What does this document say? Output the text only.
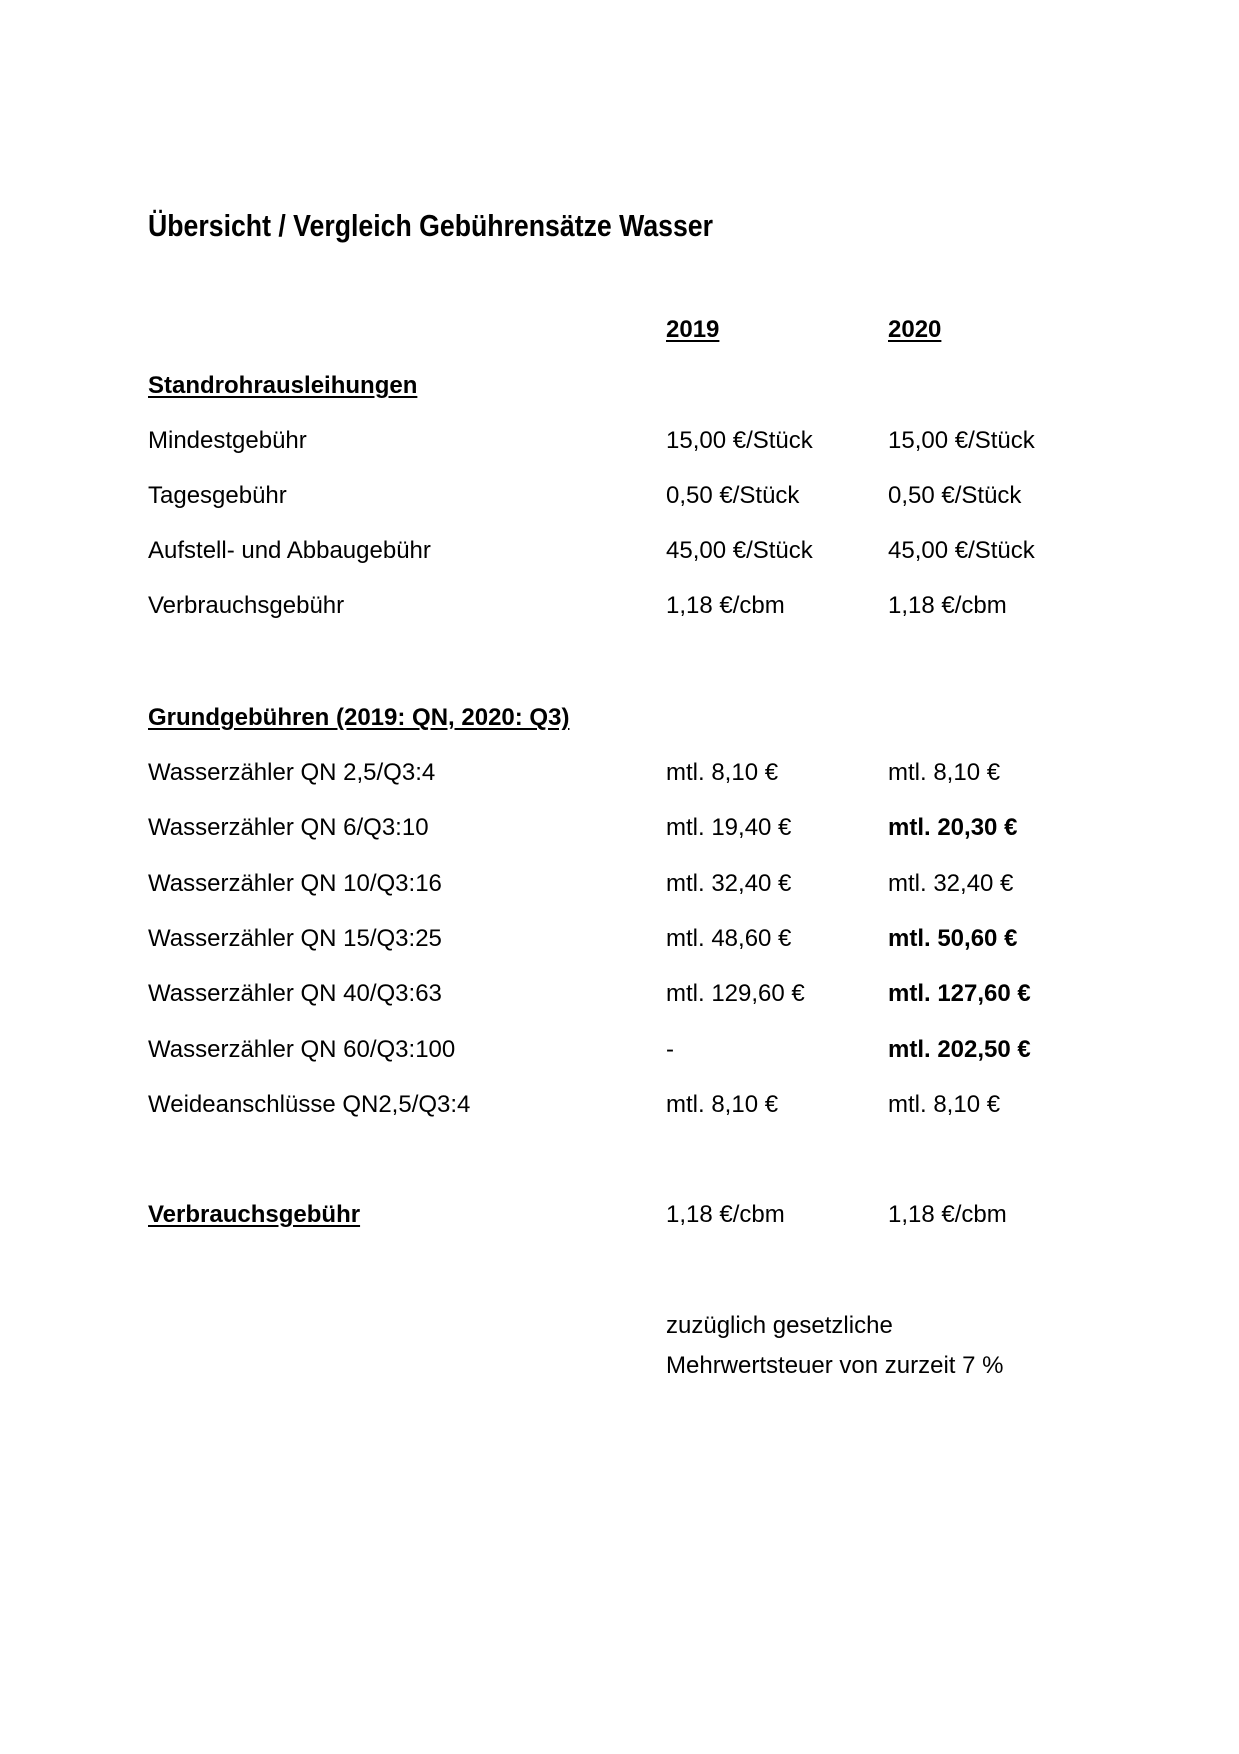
Übersicht / Vergleich Gebührensätze Wasser
2019	2020
Standrohrausleihungen
Mindestgebühr	15,00 €/Stück	15,00 €/Stück
Tagesgebühr	0,50 €/Stück	0,50 €/Stück
Aufstell- und Abbaugebühr	45,00 €/Stück	45,00 €/Stück
Verbrauchsgebühr	1,18 €/cbm	1,18 €/cbm
Grundgebühren (2019: QN, 2020: Q3)
Wasserzähler QN 2,5/Q3:4	mtl. 8,10 €	mtl. 8,10 €
Wasserzähler QN 6/Q3:10	mtl. 19,40 €	mtl. 20,30 €
Wasserzähler QN 10/Q3:16	mtl. 32,40 €	mtl. 32,40 €
Wasserzähler QN 15/Q3:25	mtl. 48,60 €	mtl. 50,60 €
Wasserzähler QN 40/Q3:63	mtl. 129,60 €	mtl. 127,60 €
Wasserzähler QN 60/Q3:100	-	mtl. 202,50 €
Weideanschlüsse QN2,5/Q3:4	mtl. 8,10 €	mtl. 8,10 €
Verbrauchsgebühr	1,18 €/cbm	1,18 €/cbm
zuzüglich gesetzliche
Mehrwertsteuer von zurzeit 7 %
